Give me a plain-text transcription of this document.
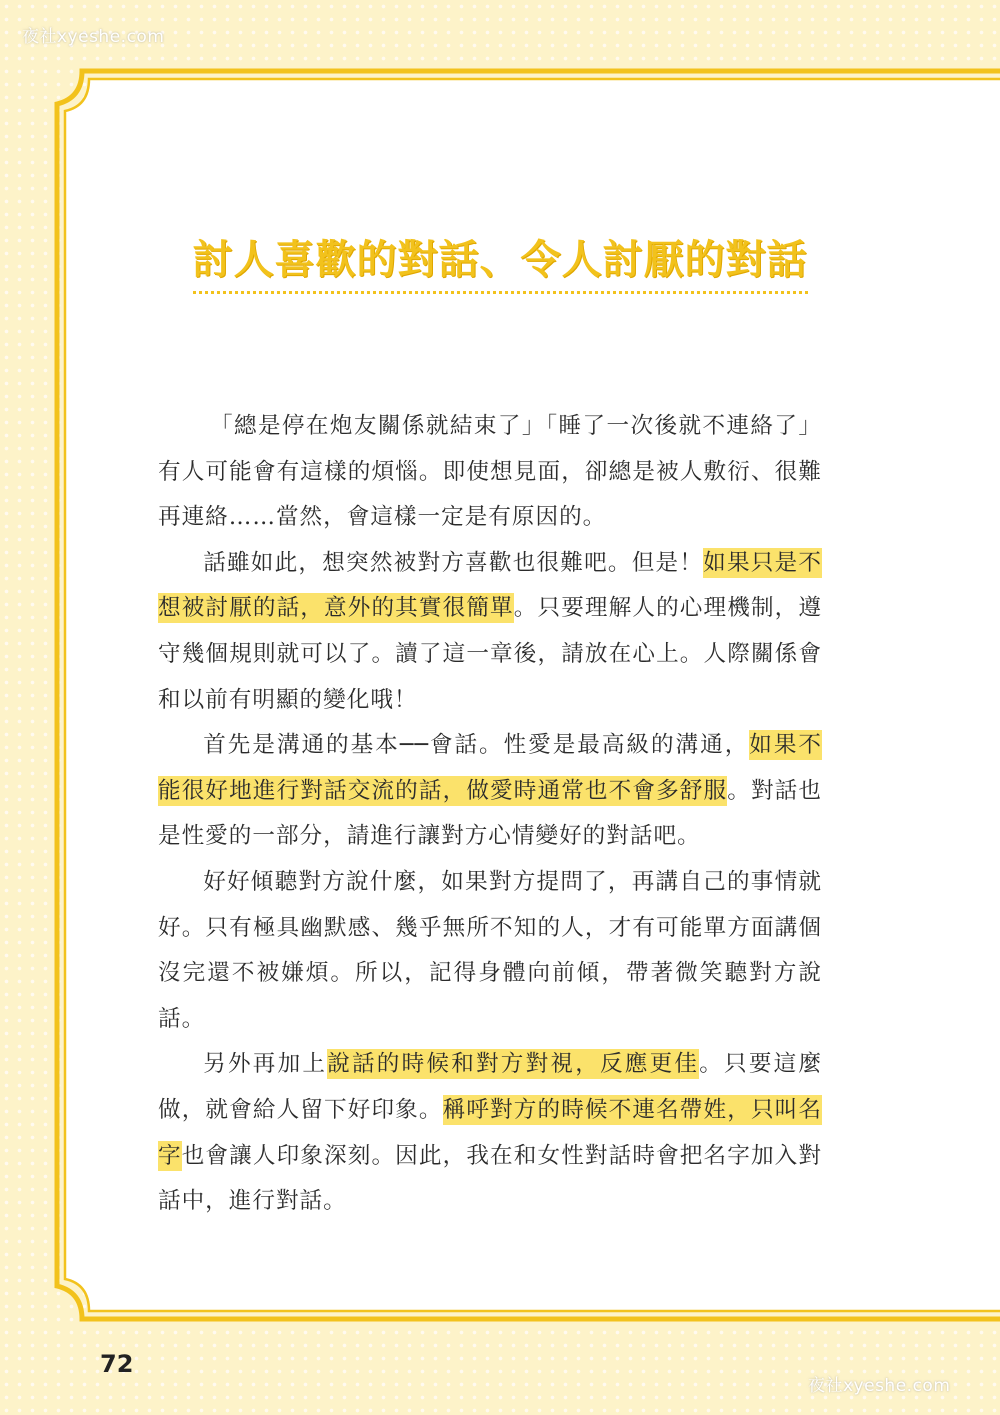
夜社xyeshe.com
討人喜歡的對話、令人討厭的對話

「總是停在炮友關係就結束了」「睡了一次後就不連絡了」有人可能會有這樣的煩惱。即使想見面，卻總是被人敷衍、很難再連絡……當然，會這樣一定是有原因的。

話雖如此，想突然被對方喜歡也很難吧。但是！如果只是不想被討厭的話，意外的其實很簡單。只要理解人的心理機制，遵守幾個規則就可以了。讀了這一章後，請放在心上。人際關係會和以前有明顯的變化哦！

首先是溝通的基本──會話。性愛是最高級的溝通，如果不能很好地進行對話交流的話，做愛時通常也不會多舒服。對話也是性愛的一部分，請進行讓對方心情變好的對話吧。

好好傾聽對方說什麼，如果對方提問了，再講自己的事情就好。只有極具幽默感、幾乎無所不知的人，才有可能單方面講個沒完還不被嫌煩。所以，記得身體向前傾，帶著微笑聽對方說話。

另外再加上說話的時候和對方對視，反應更佳。只要這麼做，就會給人留下好印象。稱呼對方的時候不連名帶姓，只叫名字也會讓人印象深刻。因此，我在和女性對話時會把名字加入對話中，進行對話。

72
夜社xyeshe.com
